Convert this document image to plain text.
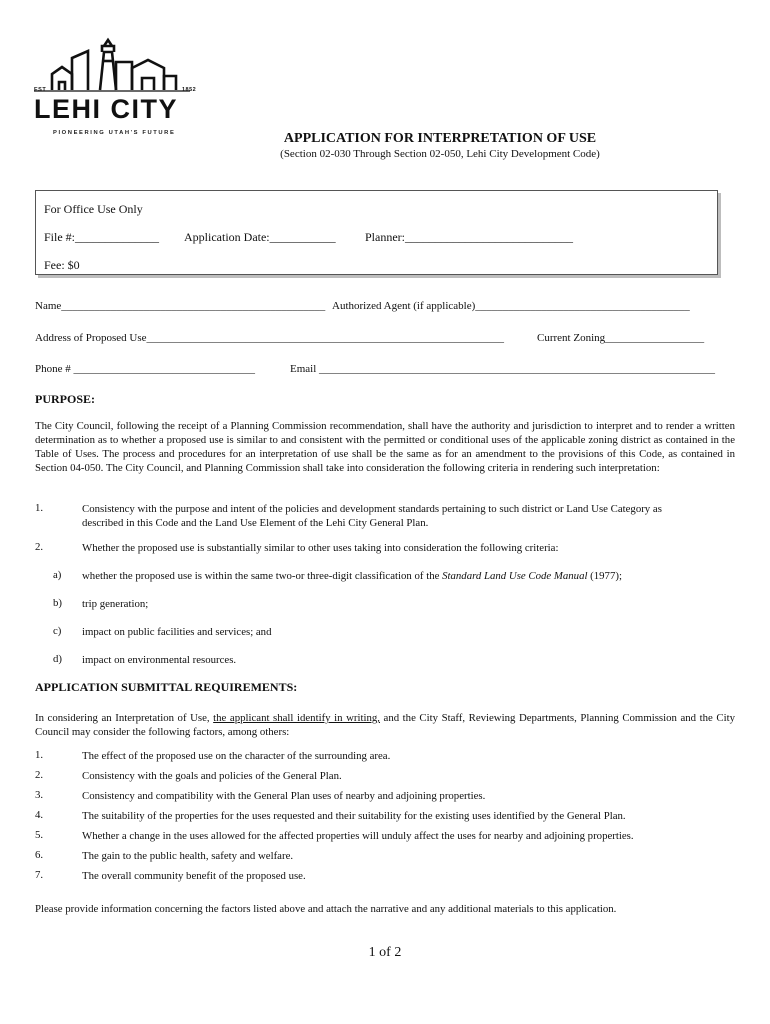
EST	1852
LEHI CITY
PIONEERING UTAH'S FUTURE	APPLICATION FOR INTERPRETATION OF USE
(Section 02-030 Through Section 02-050, Lehi City Development Code)
For Office Use Only
File #:______________ Application Date:___________ Planner:____________________________
Fee: $0
Name________________________________________________ Authorized Agent (if applicable)_______________________________________
Address of Proposed Use_________________________________________________________________	Current Zoning__________________
Phone # _________________________________	Email ________________________________________________________________________
PURPOSE:
The City Council, following the receipt of a Planning Commission recommendation, shall have the authority and jurisdiction to interpret and to render a written determination as to whether a proposed use is similar to and consistent with the permitted or conditional uses of the applicable zoning district as contained in the Table of Uses. The process and procedures for an interpretation of use shall be the same as for an amendment to the provisions of this Code, as contained in Section 04-050. The City Council, and Planning Commission shall take into consideration the following criteria in rendering such interpretation:
1.	Consistency with the purpose and intent of the policies and development standards pertaining to such district or Land Use Category as described in this Code and the Land Use Element of the Lehi City General Plan.
2.	Whether the proposed use is substantially similar to other uses taking into consideration the following criteria:
a) whether the proposed use is within the same two-or three-digit classification of the Standard Land Use Code Manual (1977);
b) trip generation;
c) impact on public facilities and services; and
d) impact on environmental resources.
APPLICATION SUBMITTAL REQUIREMENTS:
In considering an Interpretation of Use, the applicant shall identify in writing, and the City Staff, Reviewing Departments, Planning Commission and the City Council may consider the following factors, among others:
1.	The effect of the proposed use on the character of the surrounding area.
2.	Consistency with the goals and policies of the General Plan.
3.	Consistency and compatibility with the General Plan uses of nearby and adjoining properties.
4.	The suitability of the properties for the uses requested and their suitability for the existing uses identified by the General Plan.
5.	Whether a change in the uses allowed for the affected properties will unduly affect the uses for nearby and adjoining properties.
6.	The gain to the public health, safety and welfare.
7.	The overall community benefit of the proposed use.
Please provide information concerning the factors listed above and attach the narrative and any additional materials to this application.
1 of 2
